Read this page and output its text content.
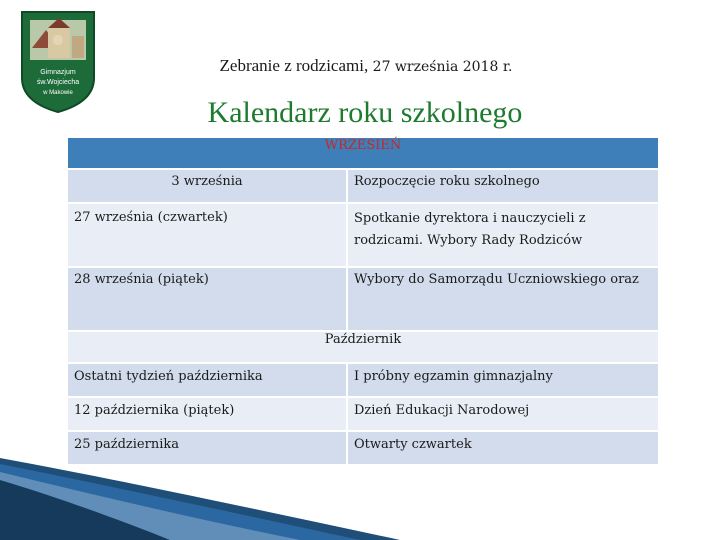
Gimnazjum
św.Wojciecha
w Makowie
Zebranie z rodzicami, 27 września 2018 r.
Kalendarz roku szkolnego
WRZESIEŃ	
3 września	Rozpoczęcie roku szkolnego
27 września (czwartek)	Spotkanie dyrektora i nauczycieli z
rodzicami. Wybory Rady Rodziców

28 września (piątek)	Wybory do Samorządu Uczniowskiego oraz
Październik	
Ostatni tydzień października	I próbny egzamin gimnazjalny
12 października (piątek)	Dzień Edukacji Narodowej
25 października	Otwarty czwartek
